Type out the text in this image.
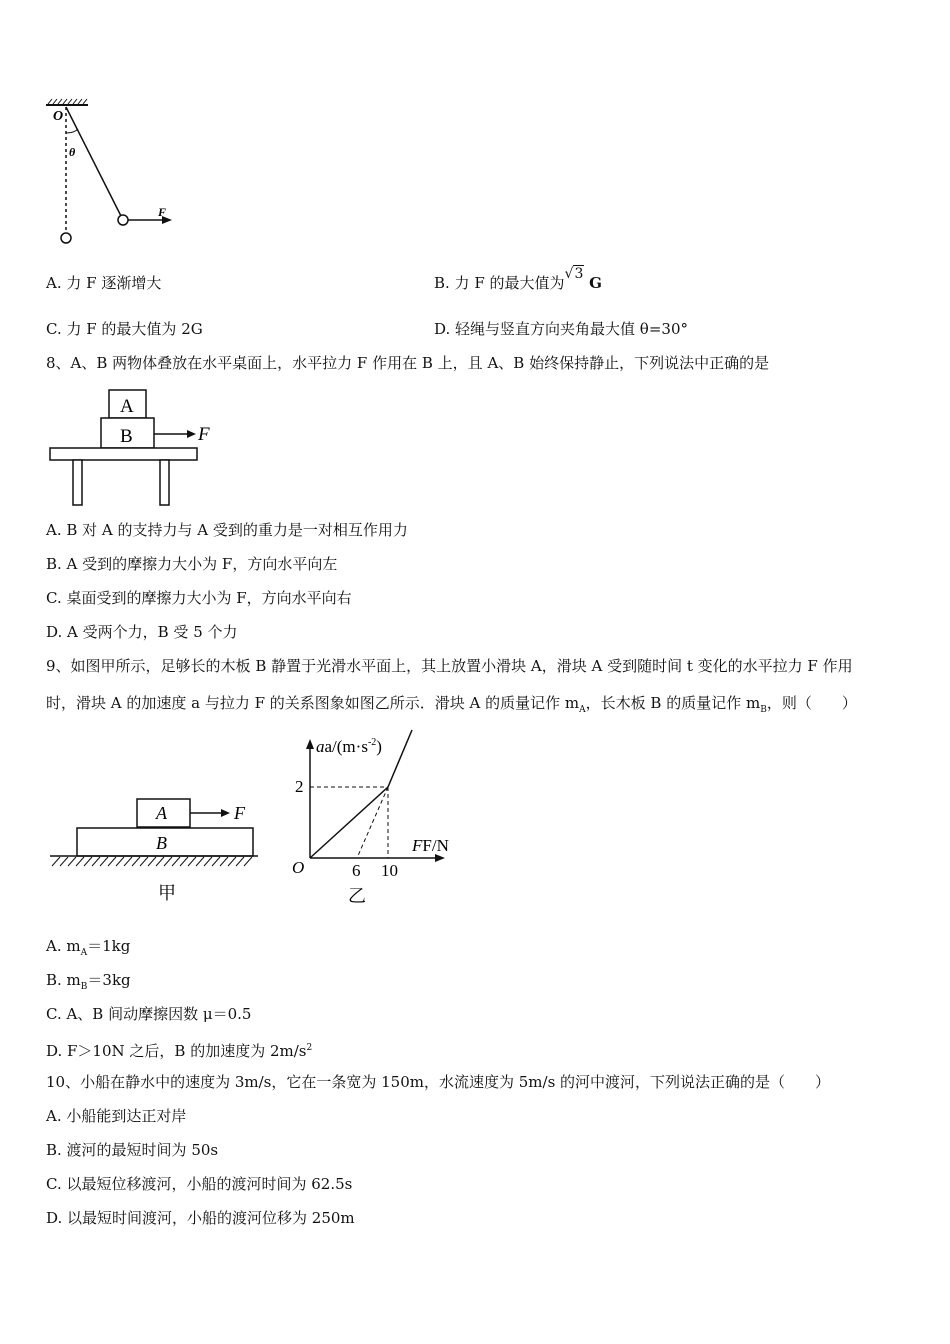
O
θ
F
A. 力 F 逐渐增大	B. 力 F 的最大值为√3 G
C. 力 F 的最大值为 2G	D. 轻绳与竖直方向夹角最大值 θ=30°
8、A、B 两物体叠放在水平桌面上，水平拉力 F 作用在 B 上，且 A、B 始终保持静止，下列说法中正确的是
A
B	F
A. B 对 A 的支持力与 A 受到的重力是一对相互作用力
B. A 受到的摩擦力大小为 F，方向水平向左
C. 桌面受到的摩擦力大小为 F，方向水平向右
D. A 受两个力，B 受 5 个力
9、如图甲所示，足够长的木板 B 静置于光滑水平面上，其上放置小滑块 A，滑块 A 受到随时间 t 变化的水平拉力 F 作用
时，滑块 A 的加速度 a 与拉力 F 的关系图象如图乙所示．滑块 A 的质量记作 $m_A$，长木板 B 的质量记作 $m_B$，则（　　）
A
B
F
甲
$aa/(m\cdot s^{-2})$
FF/N
O
2
6 10
乙
A. $m_A=1kg$
B. $m_B=3kg$
C. A、B 间动摩擦因数 μ＝0.5
D. F＞10N 之后，B 的加速度为 $2m/s^2$
10、小船在静水中的速度为 3m/s，它在一条宽为 150m，水流速度为 5m/s 的河中渡河，下列说法正确的是（　　）
A. 小船能到达正对岸
B. 渡河的最短时间为 50s
C. 以最短位移渡河，小船的渡河时间为 62.5s
D. 以最短时间渡河，小船的渡河位移为 250m
